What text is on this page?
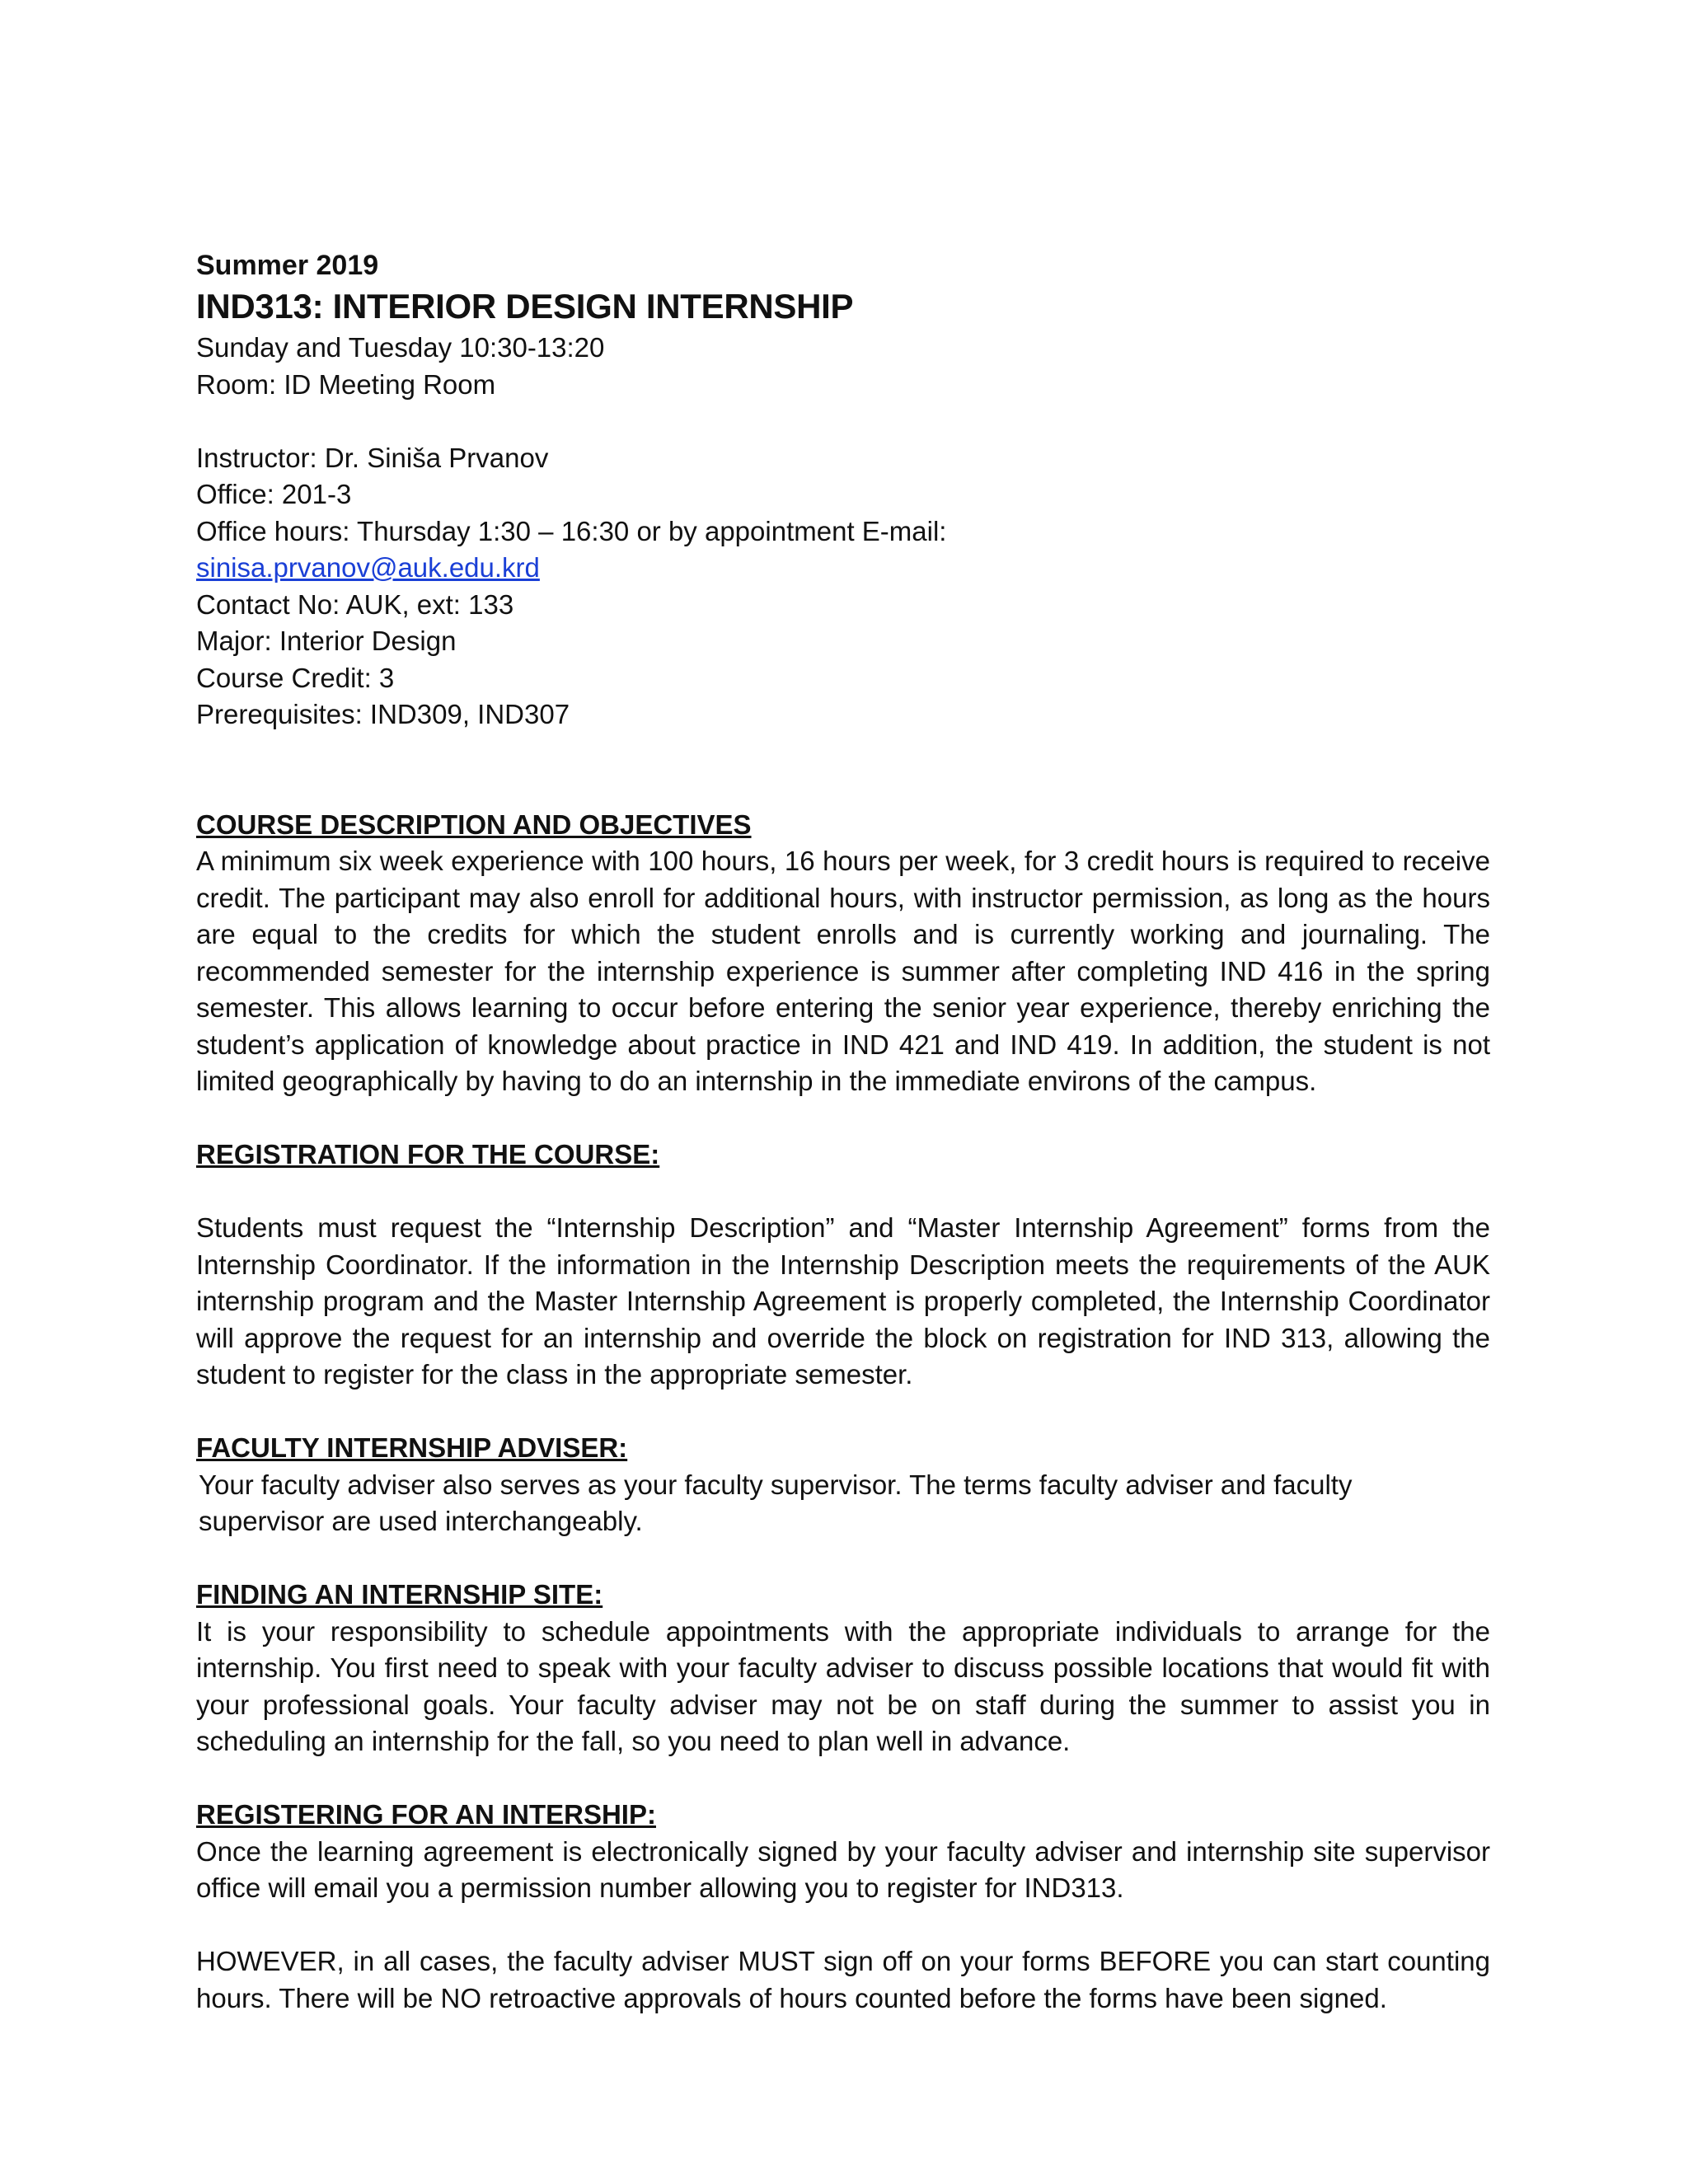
Summer 2019
IND313: INTERIOR DESIGN INTERNSHIP
Sunday and Tuesday 10:30-13:20
Room: ID Meeting Room
Instructor: Dr. Siniša Prvanov
Office: 201-3
Office hours: Thursday 1:30 – 16:30 or by appointment E-mail:
sinisa.prvanov@auk.edu.krd
Contact No: AUK, ext: 133
Major: Interior Design
Course Credit: 3
Prerequisites: IND309, IND307
COURSE DESCRIPTION AND OBJECTIVES

A minimum six week experience with 100 hours, 16 hours per week, for 3 credit hours is required to receive credit. The participant may also enroll for additional hours, with instructor permission, as long as the hours are equal to the credits for which the student enrolls and is currently working and journaling. The recommended semester for the internship experience is summer after completing IND 416 in the spring semester. This allows learning to occur before entering the senior year experience, thereby enriching the student’s application of knowledge about practice in IND 421 and IND 419. In addition, the student is not limited geographically by having to do an internship in the immediate environs of the campus.

REGISTRATION FOR THE COURSE:

Students must request the “Internship Description” and “Master Internship Agreement” forms from the Internship Coordinator. If the information in the Internship Description meets the requirements of the AUK internship program and the Master Internship Agreement is properly completed, the Internship Coordinator will approve the request for an internship and override the block on registration for IND 313, allowing the student to register for the class in the appropriate semester.

FACULTY INTERNSHIP ADVISER:

Your faculty adviser also serves as your faculty supervisor. The terms faculty adviser and faculty supervisor are used interchangeably.

FINDING AN INTERNSHIP SITE:

It is your responsibility to schedule appointments with the appropriate individuals to arrange for the internship. You first need to speak with your faculty adviser to discuss possible locations that would fit with your professional goals. Your faculty adviser may not be on staff during the summer to assist you in scheduling an internship for the fall, so you need to plan well in advance.

REGISTERING FOR AN INTERSHIP:

Once the learning agreement is electronically signed by your faculty adviser and internship site supervisor office will email you a permission number allowing you to register for IND313.

HOWEVER, in all cases, the faculty adviser MUST sign off on your forms BEFORE you can start counting hours. There will be NO retroactive approvals of hours counted before the forms have been signed.
